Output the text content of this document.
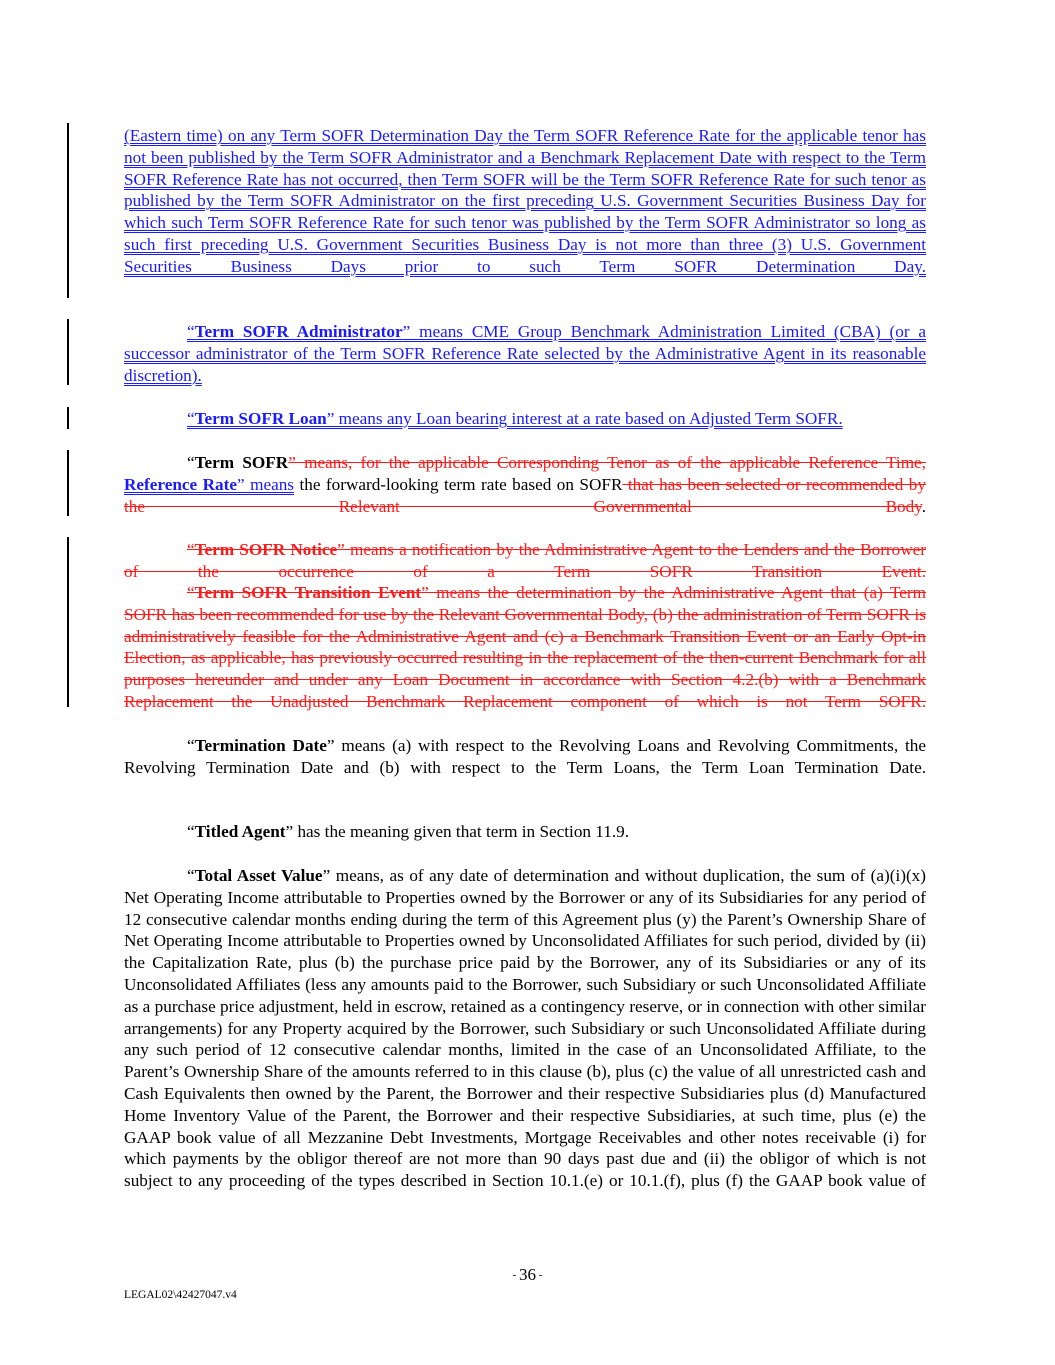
(Eastern time) on any Term SOFR Determination Day the Term SOFR Reference Rate for the applicable tenor has not been published by the Term SOFR Administrator and a Benchmark Replacement Date with respect to the Term SOFR Reference Rate has not occurred, then Term SOFR will be the Term SOFR Reference Rate for such tenor as published by the Term SOFR Administrator on the first preceding U.S. Government Securities Business Day for which such Term SOFR Reference Rate for such tenor was published by the Term SOFR Administrator so long as such first preceding U.S. Government Securities Business Day is not more than three (3) U.S. Government Securities Business Days prior to such Term SOFR Determination Day.
“Term SOFR Administrator” means CME Group Benchmark Administration Limited (CBA) (or a successor administrator of the Term SOFR Reference Rate selected by the Administrative Agent in its reasonable discretion).
“Term SOFR Loan” means any Loan bearing interest at a rate based on Adjusted Term SOFR.
“Term SOFR” means, for the applicable Corresponding Tenor as of the applicable Reference Time, Reference Rate” means the forward-looking term rate based on SOFR that has been selected or recommended by the Relevant Governmental Body.
“Term SOFR Notice” means a notification by the Administrative Agent to the Lenders and the Borrower of the occurrence of a Term SOFR Transition Event.
“Term SOFR Transition Event” means the determination by the Administrative Agent that (a) Term SOFR has been recommended for use by the Relevant Governmental Body, (b) the administration of Term SOFR is administratively feasible for the Administrative Agent and (c) a Benchmark Transition Event or an Early Opt-in Election, as applicable, has previously occurred resulting in the replacement of the then-current Benchmark for all purposes hereunder and under any Loan Document in accordance with Section 4.2.(b) with a Benchmark Replacement the Unadjusted Benchmark Replacement component of which is not Term SOFR.
“Termination Date” means (a) with respect to the Revolving Loans and Revolving Commitments, the Revolving Termination Date and (b) with respect to the Term Loans, the Term Loan Termination Date.
“Titled Agent” has the meaning given that term in Section 11.9.
“Total Asset Value” means, as of any date of determination and without duplication, the sum of (a)(i)(x) Net Operating Income attributable to Properties owned by the Borrower or any of its Subsidiaries for any period of 12 consecutive calendar months ending during the term of this Agreement plus (y) the Parent’s Ownership Share of Net Operating Income attributable to Properties owned by Unconsolidated Affiliates for such period, divided by (ii) the Capitalization Rate, plus (b) the purchase price paid by the Borrower, any of its Subsidiaries or any of its Unconsolidated Affiliates (less any amounts paid to the Borrower, such Subsidiary or such Unconsolidated Affiliate as a purchase price adjustment, held in escrow, retained as a contingency reserve, or in connection with other similar arrangements) for any Property acquired by the Borrower, such Subsidiary or such Unconsolidated Affiliate during any such period of 12 consecutive calendar months, limited in the case of an Unconsolidated Affiliate, to the Parent’s Ownership Share of the amounts referred to in this clause (b), plus (c) the value of all unrestricted cash and Cash Equivalents then owned by the Parent, the Borrower and their respective Subsidiaries plus (d) Manufactured Home Inventory Value of the Parent, the Borrower and their respective Subsidiaries, at such time, plus (e) the GAAP book value of all Mezzanine Debt Investments, Mortgage Receivables and other notes receivable (i) for which payments by the obligor thereof are not more than 90 days past due and (ii) the obligor of which is not subject to any proceeding of the types described in Section 10.1.(e) or 10.1.(f), plus (f) the GAAP book value of
- 36 -
LEGAL02\42427047.v4
